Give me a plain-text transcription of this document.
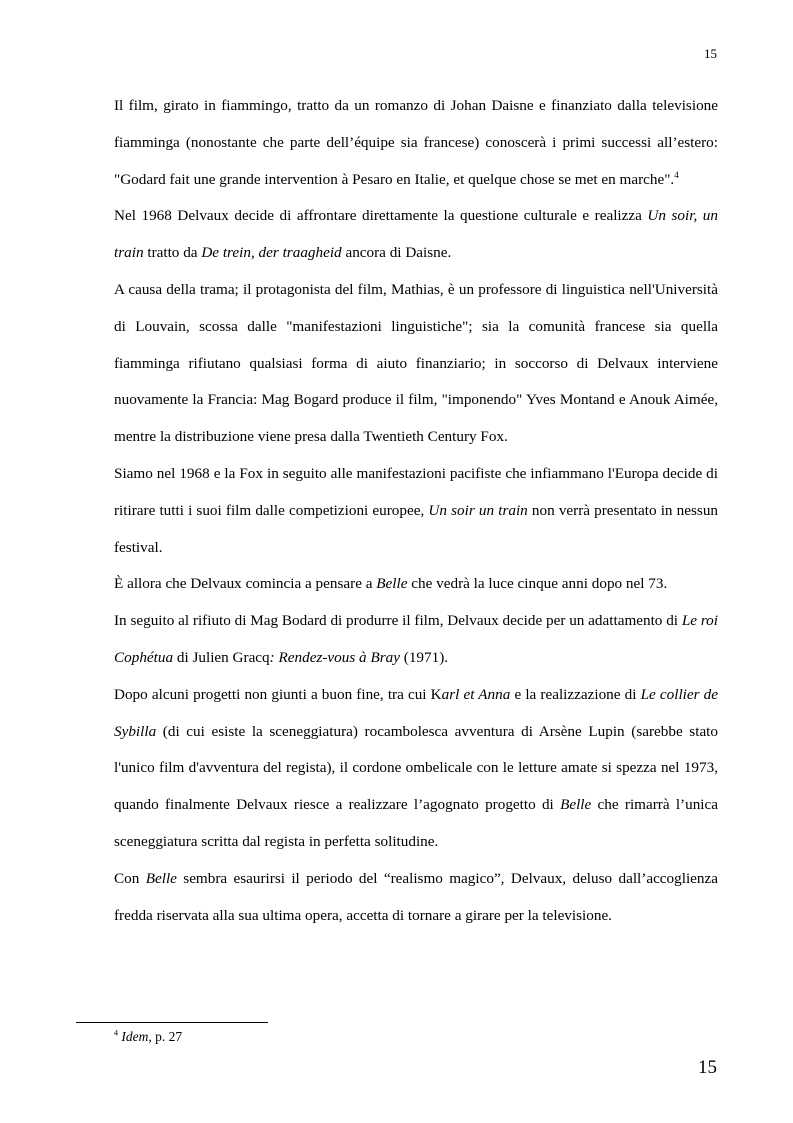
15

Il film, girato in fiammingo, tratto da un romanzo di Johan Daisne e finanziato dalla televisione fiamminga (nonostante che parte dell’équipe sia francese) conoscerà i primi successi all’estero: "Godard fait une grande intervention à Pesaro en Italie, et quelque chose se met en marche".$^4$

Nel 1968 Delvaux decide di affrontare direttamente la questione culturale e realizza Un soir, un train tratto da De trein, der traagheid ancora di Daisne.

A causa della trama; il protagonista del film, Mathias, è un professore di linguistica nell'Università di Louvain, scossa dalle "manifestazioni linguistiche"; sia la comunità francese sia quella fiamminga rifiutano qualsiasi forma di aiuto finanziario; in soccorso di Delvaux interviene nuovamente la Francia: Mag Bogard produce il film, "imponendo" Yves Montand e Anouk Aimée, mentre la distribuzione viene presa dalla Twentieth Century Fox.

Siamo nel 1968 e la Fox in seguito alle manifestazioni pacifiste che infiammano l'Europa decide di ritirare tutti i suoi film dalle competizioni europee, Un soir un train non verrà presentato in nessun festival.

È allora che Delvaux comincia a pensare a Belle che vedrà la luce cinque anni dopo nel 73.

In seguito al rifiuto di Mag Bodard di produrre il film, Delvaux decide per un adattamento di Le roi Cophétua di Julien Gracq: Rendez-vous à Bray (1971).

Dopo alcuni progetti non giunti a buon fine, tra cui Karl et Anna e la realizzazione di Le collier de Sybilla (di cui esiste la sceneggiatura) rocambolesca avventura di Arsène Lupin (sarebbe stato l'unico film d'avventura del regista), il cordone ombelicale con le letture amate si spezza nel 1973, quando finalmente Delvaux riesce a realizzare l’agognato progetto di Belle che rimarrà l’unica sceneggiatura scritta dal regista in perfetta solitudine.

Con Belle sembra esaurirsi il periodo del “realismo magico”, Delvaux, deluso dall’accoglienza fredda riservata alla sua ultima opera, accetta di tornare a girare per la televisione.

$^4$ Idem, p. 27
15
